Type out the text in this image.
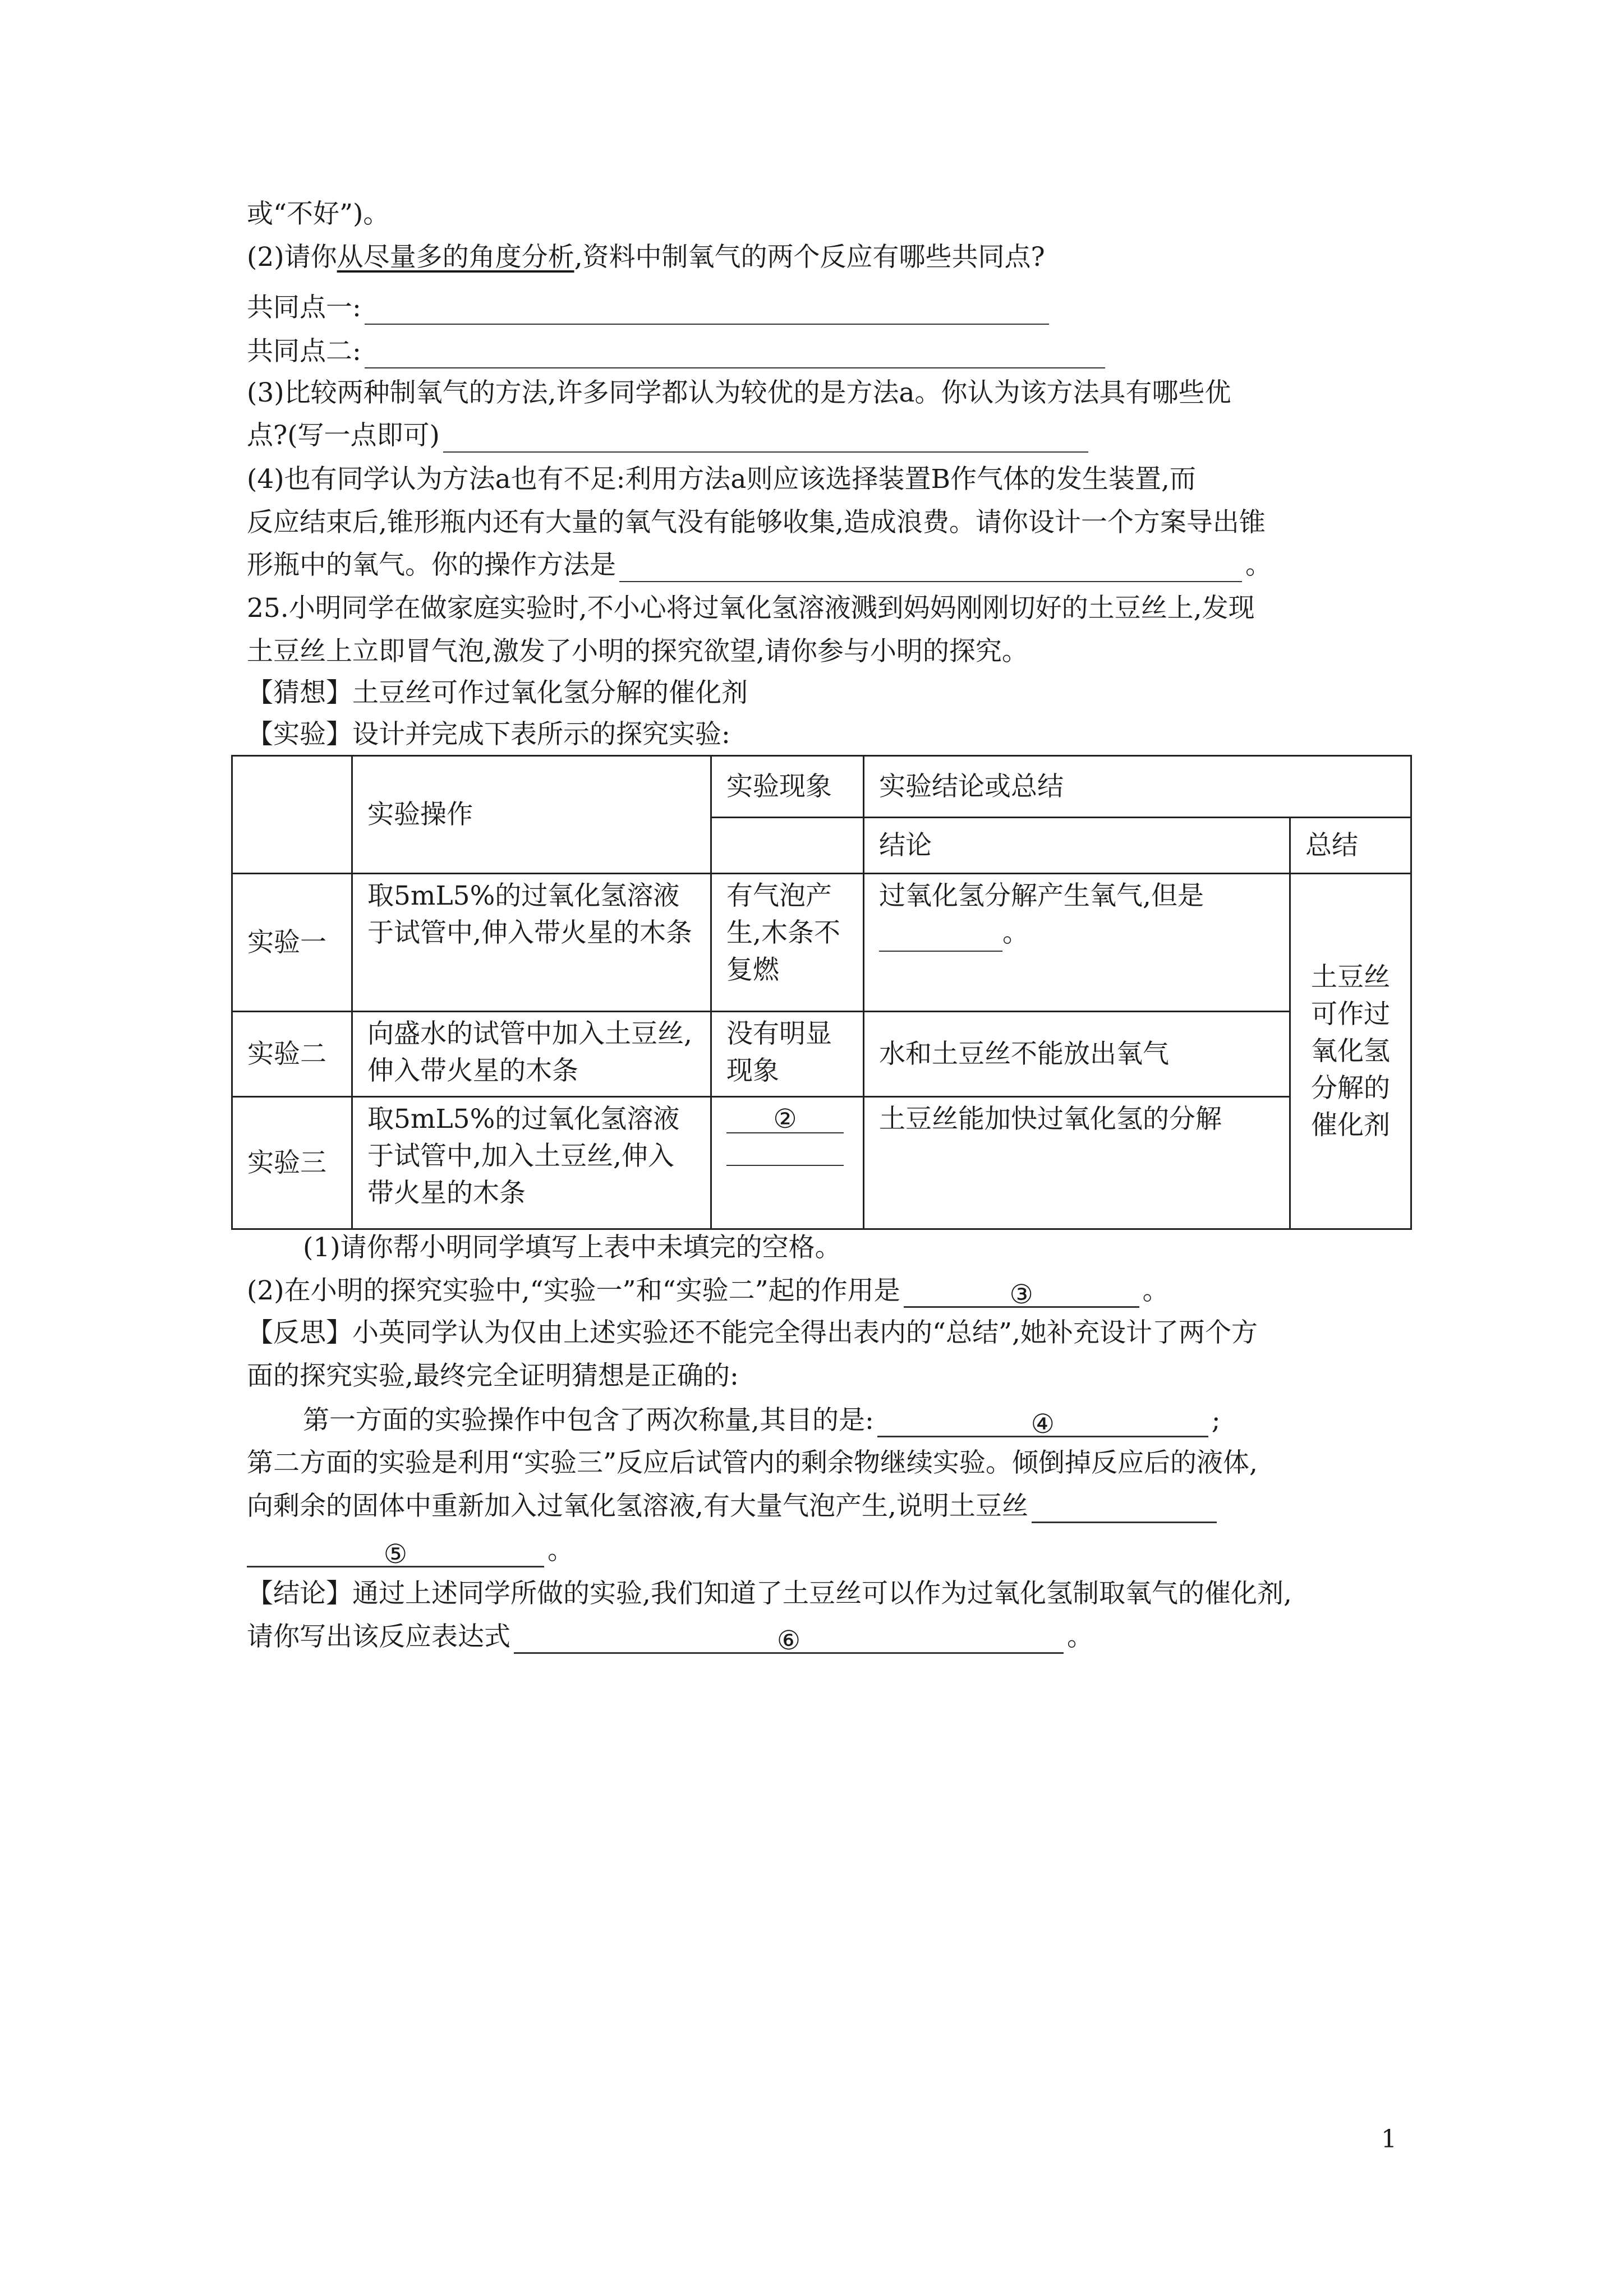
或“不好”)。

(2)请你从尽量多的角度分析,资料中制氧气的两个反应有哪些共同点?

共同点一:

共同点二:

(3)比较两种制氧气的方法,许多同学都认为较优的是方法a。你认为该方法具有哪些优

点?(写一点即可)

(4)也有同学认为方法a也有不足:利用方法a则应该选择装置B作气体的发生装置,而

反应结束后,锥形瓶内还有大量的氧气没有能够收集,造成浪费。请你设计一个方案导出锥

形瓶中的氧气。你的操作方法是	。

25.小明同学在做家庭实验时,不小心将过氧化氢溶液溅到妈妈刚刚切好的土豆丝上,发现

土豆丝上立即冒气泡,激发了小明的探究欲望,请你参与小明的探究。

【猜想】土豆丝可作过氧化氢分解的催化剂

【实验】设计并完成下表所示的探究实验:

	实验操作	实验现象	实验结论或总结	
			结论	总结
实验一	取5mL5%的过氧化氢溶液于试管中,伸入带火星的木条	有气泡产生,木条不复燃	过氧化氢分解产生氧气,但是。	土豆丝可作过氧化氢分解的催化剂
实验二	向盛水的试管中加入土豆丝,伸入带火星的木条	没有明显现象	水和土豆丝不能放出氧气	
实验三	取5mL5%的过氧化氢溶液于试管中,加入土豆丝,伸入带火星的木条	②	土豆丝能加快过氧化氢的分解	

(1)请你帮小明同学填写上表中未填完的空格。

(2)在小明的探究实验中,“实验一”和“实验二”起的作用是	③	。

【反思】小英同学认为仅由上述实验还不能完全得出表内的“总结”,她补充设计了两个方

面的探究实验,最终完全证明猜想是正确的:

第一方面的实验操作中包含了两次称量,其目的是:	④	;

第二方面的实验是利用“实验三”反应后试管内的剩余物继续实验。倾倒掉反应后的液体,

向剩余的固体中重新加入过氧化氢溶液,有大量气泡产生,说明土豆丝

⑤	。

【结论】通过上述同学所做的实验,我们知道了土豆丝可以作为过氧化氢制取氧气的催化剂,

请你写出该反应表达式	⑥	。

1
